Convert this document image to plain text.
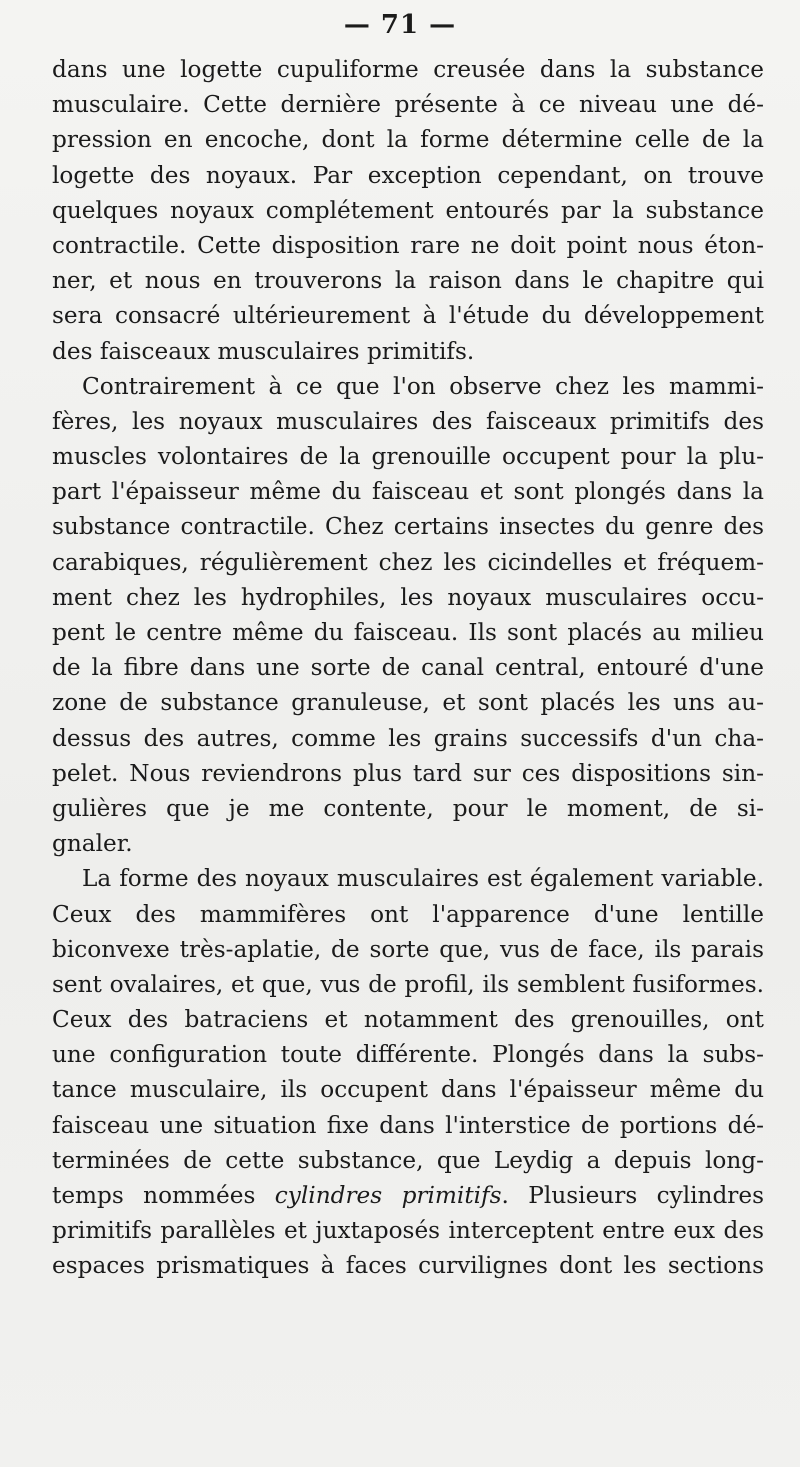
— 71 —
dans une logette cupuliforme creusée dans la substance
musculaire. Cette dernière présente à ce niveau une dé-
pression en encoche, dont la forme détermine celle de la
logette des noyaux. Par exception cependant, on trouve
quelques noyaux complétement entourés par la substance
contractile. Cette disposition rare ne doit point nous éton-
ner, et nous en trouverons la raison dans le chapitre qui
sera consacré ultérieurement à l'étude du développement
des faisceaux musculaires primitifs.
Contrairement à ce que l'on observe chez les mammi-
fères, les noyaux musculaires des faisceaux primitifs des
muscles volontaires de la grenouille occupent pour la plu-
part l'épaisseur même du faisceau et sont plongés dans la
substance contractile. Chez certains insectes du genre des
carabiques, régulièrement chez les cicindelles et fréquem-
ment chez les hydrophiles, les noyaux musculaires occu-
pent le centre même du faisceau. Ils sont placés au milieu
de la fibre dans une sorte de canal central, entouré d'une
zone de substance granuleuse, et sont placés les uns au-
dessus des autres, comme les grains successifs d'un cha-
pelet. Nous reviendrons plus tard sur ces dispositions sin-
gulières que je me contente, pour le moment, de si-
gnaler.
La forme des noyaux musculaires est également variable.
Ceux des mammifères ont l'apparence d'une lentille
biconvexe très-aplatie, de sorte que, vus de face, ils parais
sent ovalaires, et que, vus de profil, ils semblent fusiformes.
Ceux des batraciens et notamment des grenouilles, ont
une configuration toute différente. Plongés dans la subs-
tance musculaire, ils occupent dans l'épaisseur même du
faisceau une situation fixe dans l'interstice de portions dé-
terminées de cette substance, que Leydig a depuis long-
temps nommées cylindres primitifs. Plusieurs cylindres
primitifs parallèles et juxtaposés interceptent entre eux des
espaces prismatiques à faces curvilignes dont les sections
